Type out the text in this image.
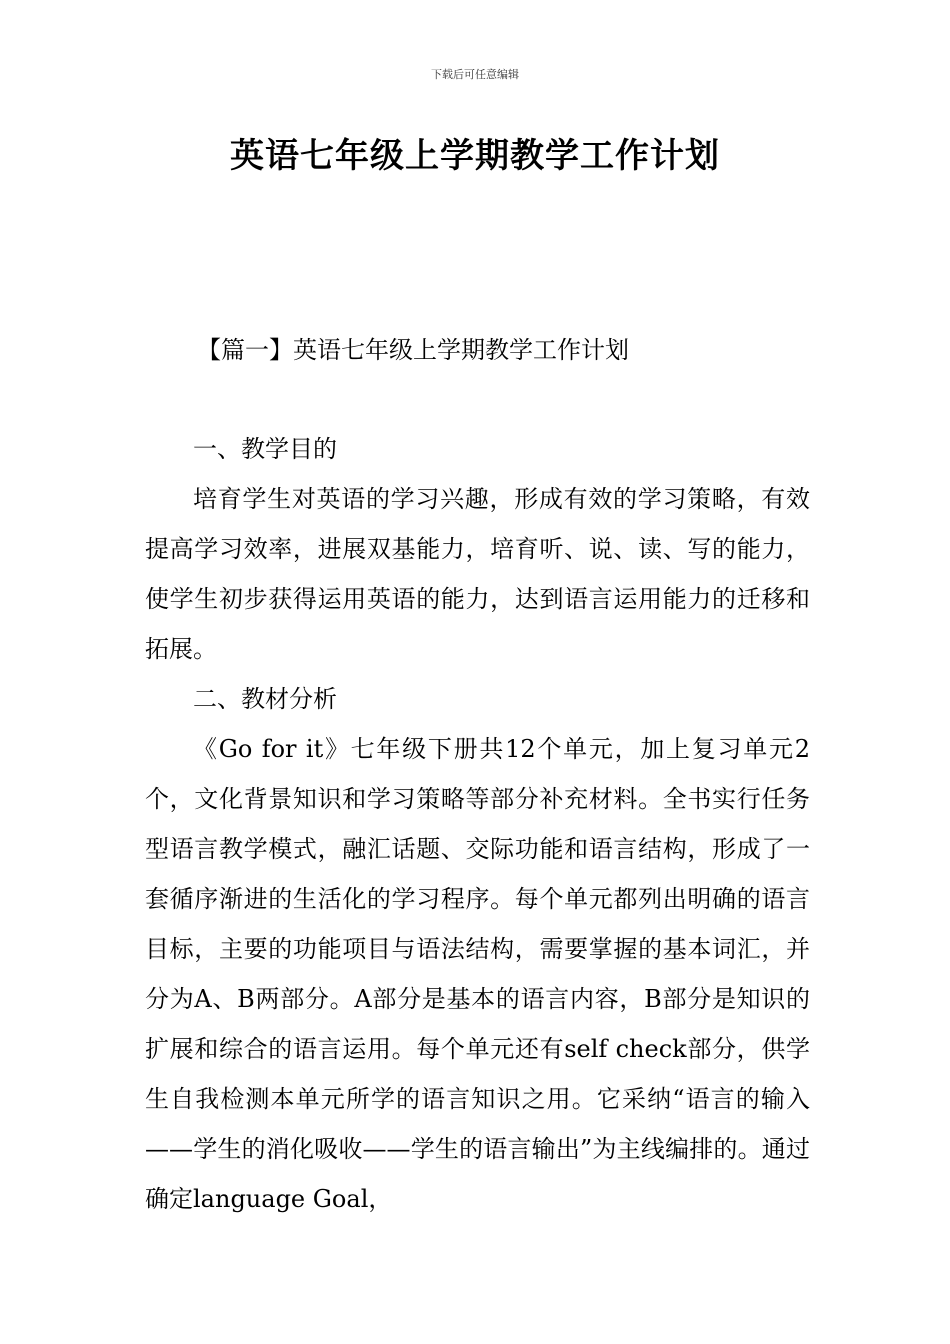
下载后可任意编辑
英语七年级上学期教学工作计划
【篇一】英语七年级上学期教学工作计划

一、教学目的

培育学生对英语的学习兴趣，形成有效的学习策略，有效提高学习效率，进展双基能力，培育听、说、读、写的能力，使学生初步获得运用英语的能力，达到语言运用能力的迁移和拓展。

二、教材分析

《Go for it》七年级下册共12个单元，加上复习单元2个，文化背景知识和学习策略等部分补充材料。全书实行任务型语言教学模式，融汇话题、交际功能和语言结构，形成了一套循序渐进的生活化的学习程序。每个单元都列出明确的语言目标，主要的功能项目与语法结构，需要掌握的基本词汇，并分为A、B两部分。A部分是基本的语言内容，B部分是知识的扩展和综合的语言运用。每个单元还有self check部分，供学生自我检测本单元所学的语言知识之用。它采纳“语言的输入——学生的消化吸收——学生的语言输出”为主线编排的。通过确定language Goal，
